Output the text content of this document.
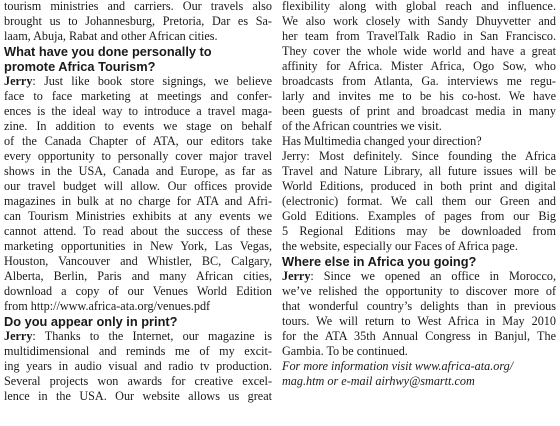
tourism ministries and carriers. Our travels also
brought us to Johannesburg, Pretoria, Dar es Sa-
laam, Abuja, Rabat and other African cities.
What have you done personally to
promote Africa Tourism?
Jerry: Just like book store signings, we believe
face to face marketing at meetings and confer-
ences is the ideal way to introduce a travel maga-
zine. In addition to events we stage on behalf
of the Canada Chapter of ATA, our editors take
every opportunity to personally cover major travel
shows in the USA, Canada and Europe, as far as
our travel budget will allow. Our offices provide
magazines in bulk at no charge for ATA and Afri-
can Tourism Ministries exhibits at any events we
cannot attend. To read about the success of these
marketing opportunities in New York, Las Vegas,
Houston, Vancouver and Whistler, BC, Calgary,
Alberta, Berlin, Paris and many African cities,
download a copy of our Venues World Edition
from http://www.africa-ata.org/venues.pdf
Do you appear only in print?
Jerry: Thanks to the Internet, our magazine is
multidimensional and reminds me of my excit-
ing years in audio visual and radio tv production.
Several projects won awards for creative excel-
lence in the USA. Our website allows us great
flexibility along with global reach and influence.
We also work closely with Sandy Dhuyvetter and
her team from TravelTalk Radio in San Francisco.
They cover the whole wide world and have a great
affinity for Africa. Mister Africa, Ogo Sow, who
broadcasts from Atlanta, Ga. interviews me regu-
larly and invites me to be his co-host. We have
been guests of print and broadcast media in many
of the African countries we visit.
Has Multimedia changed your direction?
Jerry: Most definitely. Since founding the Africa
Travel and Nature Library, all future issues will be
World Editions, produced in both print and digital
(electronic) format. We call them our Green and
Gold Editions. Examples of pages from our Big
5 Regional Editions may be downloaded from
the website, especially our Faces of Africa page.
Where else in Africa you going?
Jerry: Since we opened an office in Morocco,
we’ve relished the opportunity to discover more of
that wonderful country’s delights than in previous
tours. We will return to West Africa in May 2010
for the ATA 35th Annual Congress in Banjul, The
Gambia. To be continued.
For more information visit www.africa-ata.org/
mag.htm or e-mail airhwy@smartt.com
